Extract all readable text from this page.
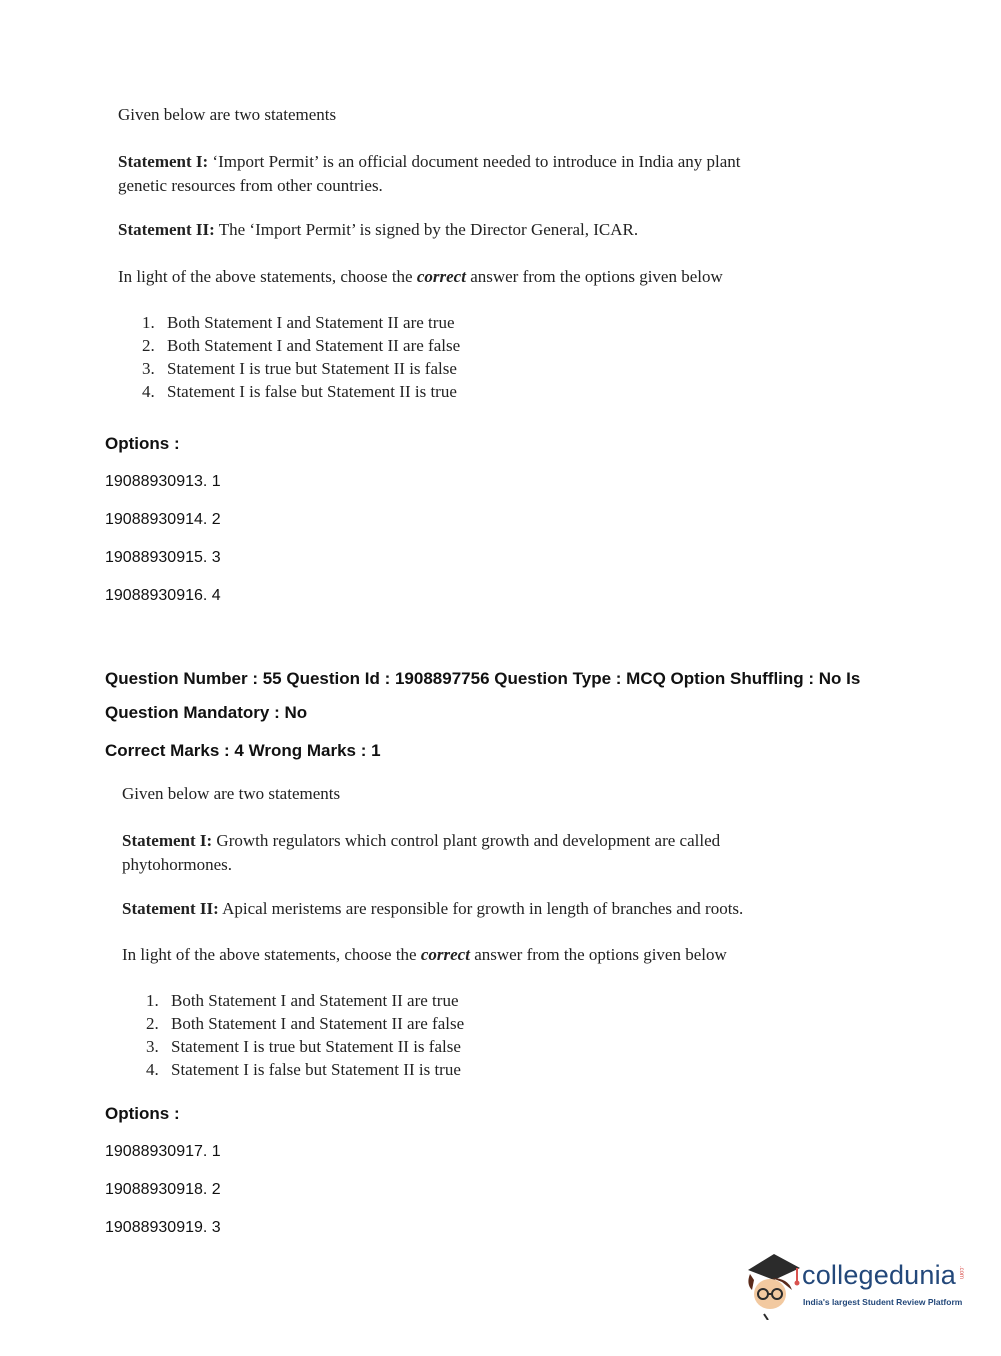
Given below are two statements
Statement I: ‘Import Permit’ is an official document needed to introduce in India any plant
genetic resources from other countries.
Statement II: The ‘Import Permit’ is signed by the Director General, ICAR.
In light of the above statements, choose the correct answer from the options given below
1. Both Statement I and Statement II are true
2. Both Statement I and Statement II are false
3. Statement I is true but Statement II is false
4. Statement I is false but Statement II is true
Options :
19088930913. 1
19088930914. 2
19088930915. 3
19088930916. 4
Question Number : 55 Question Id : 1908897756 Question Type : MCQ Option Shuffling : No Is
Question Mandatory : No
Correct Marks : 4 Wrong Marks : 1
Given below are two statements
Statement I: Growth regulators which control plant growth and development are called
phytohormones.
Statement II: Apical meristems are responsible for growth in length of branches and roots.
In light of the above statements, choose the correct answer from the options given below
1. Both Statement I and Statement II are true
2. Both Statement I and Statement II are false
3. Statement I is true but Statement II is false
4. Statement I is false but Statement II is true
Options :
19088930917. 1
19088930918. 2
19088930919. 3
collegedunia .com
India's largest Student Review Platform
